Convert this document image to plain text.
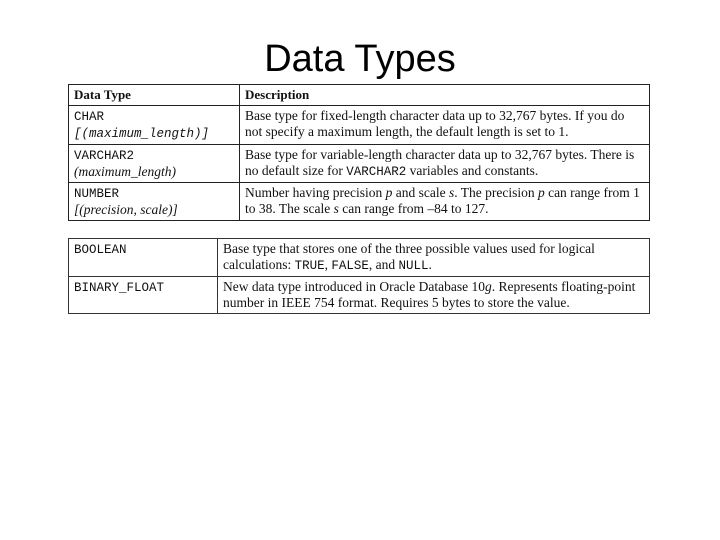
Data Types
Data Type	Description
CHAR
[(maximum_length)]	Base type for fixed-length character data up to 32,767 bytes. If you do not specify a maximum length, the default length is set to 1.
VARCHAR2
(maximum_length)	Base type for variable-length character data up to 32,767 bytes. There is no default size for VARCHAR2 variables and constants.
NUMBER
[(precision, scale)]	Number having precision p and scale s. The precision p can range from 1 to 38. The scale s can range from –84 to 127.
BOOLEAN	Base type that stores one of the three possible values used for logical calculations: TRUE, FALSE, and NULL.
BINARY_FLOAT	New data type introduced in Oracle Database 10g. Represents floating-point number in IEEE 754 format. Requires 5 bytes to store the value.
